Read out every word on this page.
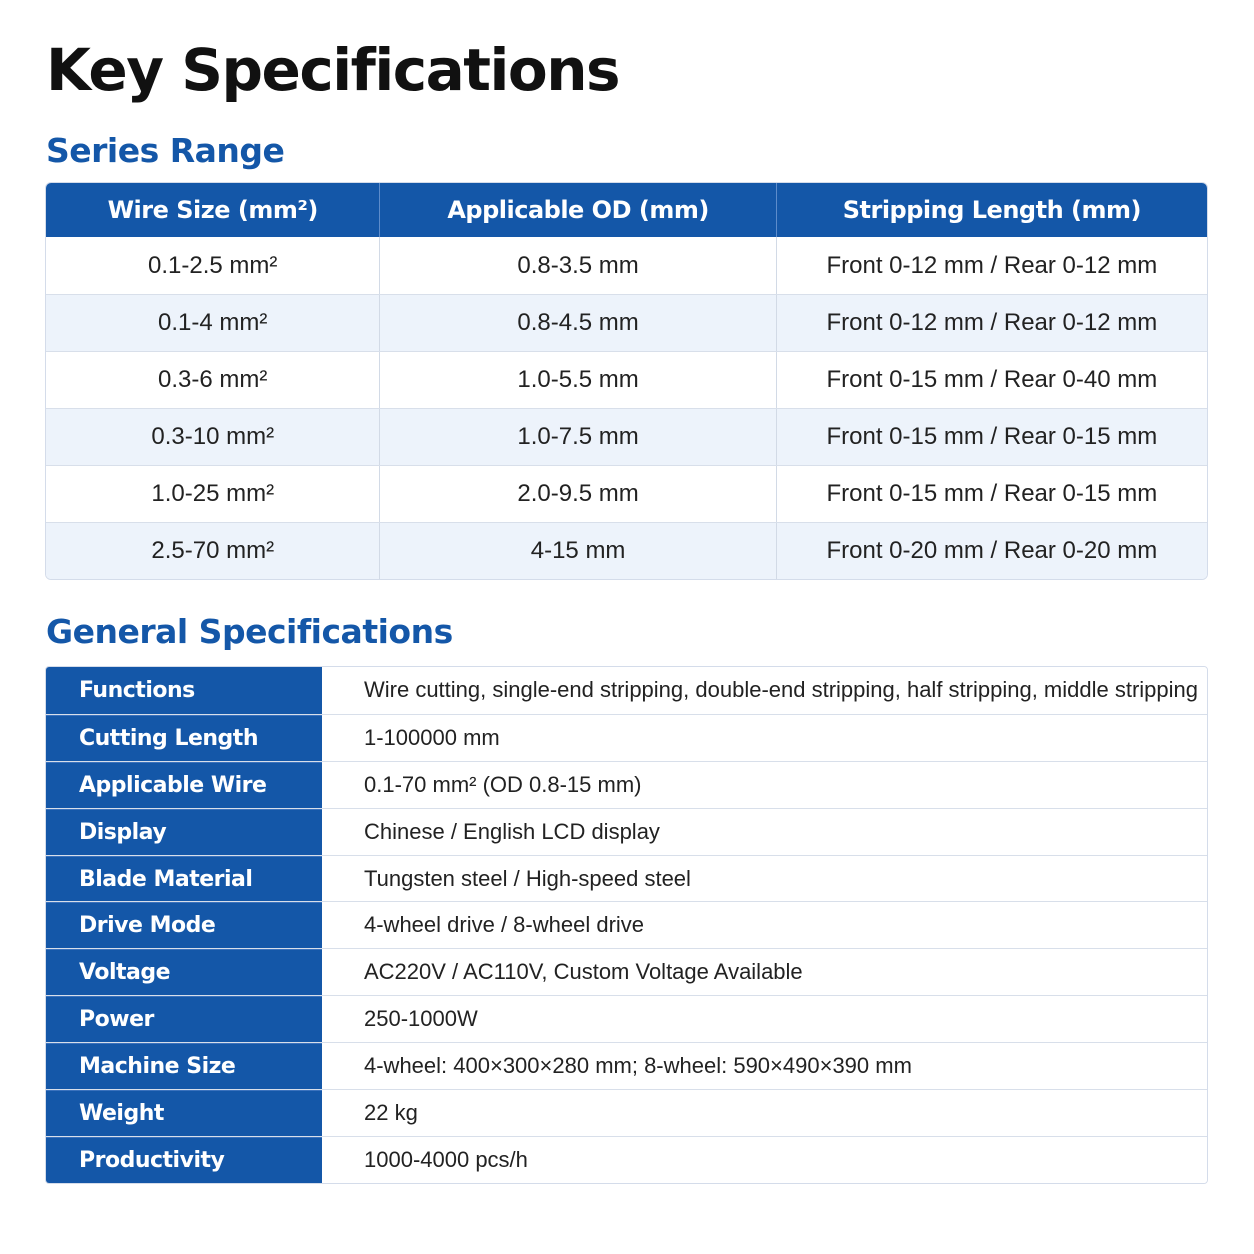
Key Specifications
Series Range
Wire Size (mm²)	Applicable OD (mm)	Stripping Length (mm)
0.1-2.5 mm²	0.8-3.5 mm	Front 0-12 mm / Rear 0-12 mm
0.1-4 mm²	0.8-4.5 mm	Front 0-12 mm / Rear 0-12 mm
0.3-6 mm²	1.0-5.5 mm	Front 0-15 mm / Rear 0-40 mm
0.3-10 mm²	1.0-7.5 mm	Front 0-15 mm / Rear 0-15 mm
1.0-25 mm²	2.0-9.5 mm	Front 0-15 mm / Rear 0-15 mm
2.5-70 mm²	4-15 mm	Front 0-20 mm / Rear 0-20 mm
General Specifications
Functions	Wire cutting, single-end stripping, double-end stripping, half stripping, middle stripping
Cutting Length	1-100000 mm
Applicable Wire	0.1-70 mm² (OD 0.8-15 mm)
Display	Chinese / English LCD display
Blade Material	Tungsten steel / High-speed steel
Drive Mode	4-wheel drive / 8-wheel drive
Voltage	AC220V / AC110V, Custom Voltage Available
Power	250-1000W
Machine Size	4-wheel: 400×300×280 mm; 8-wheel: 590×490×390 mm
Weight	22 kg
Productivity	1000-4000 pcs/h
